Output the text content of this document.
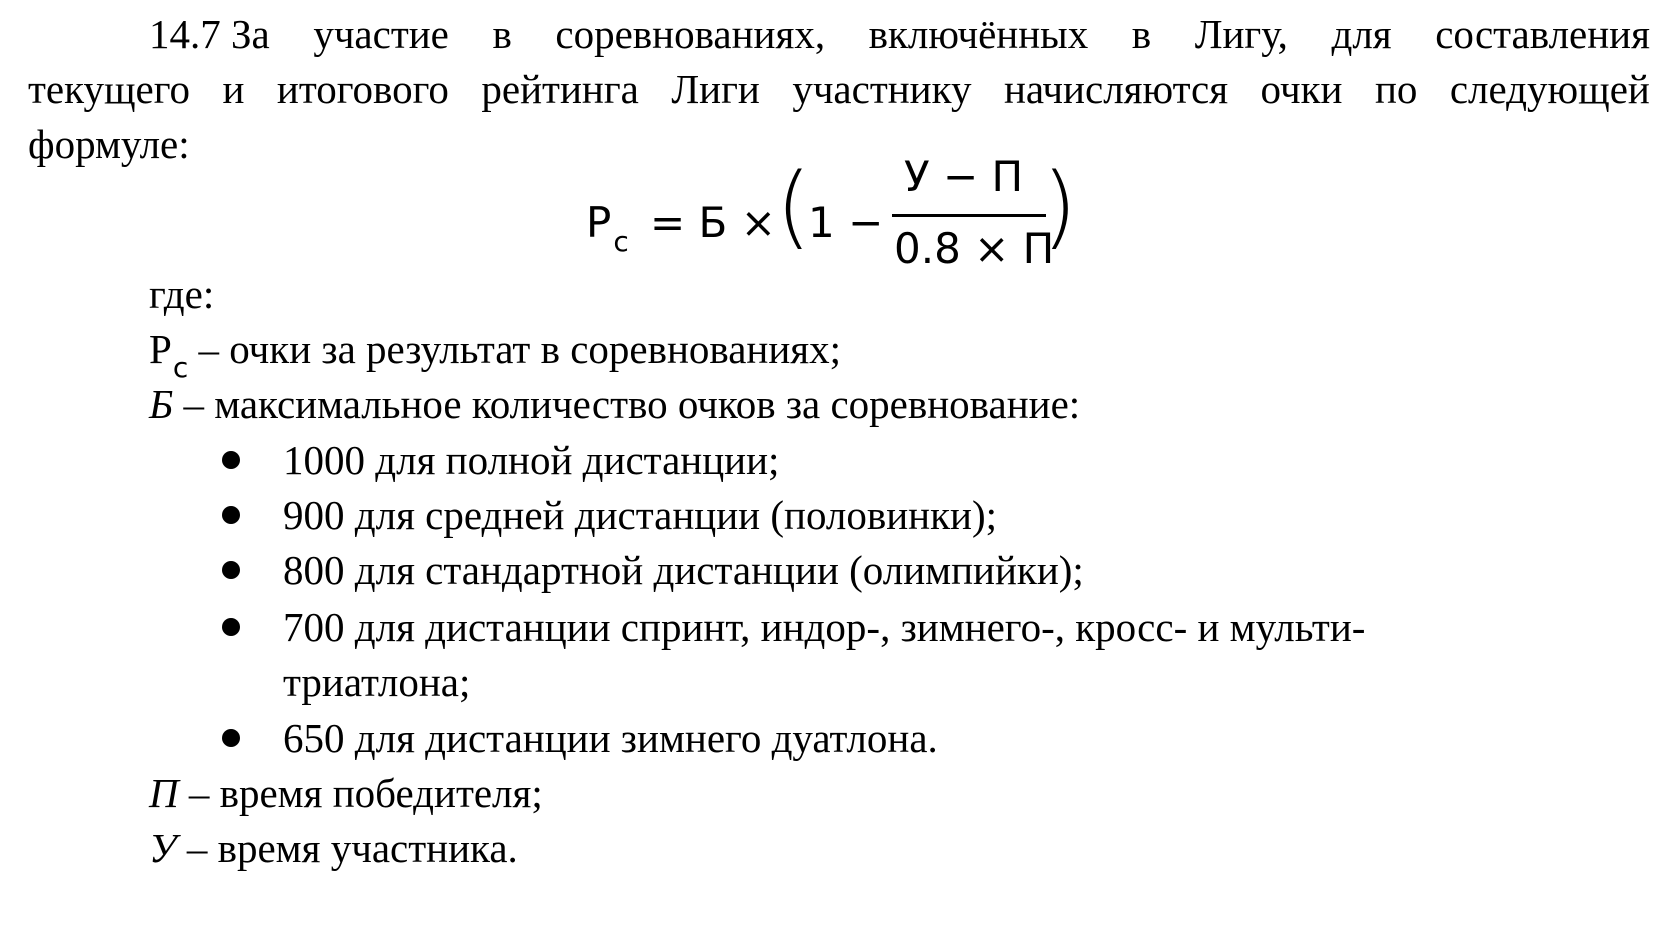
14.7 За участие в соревнованиях, включённых в Лигу, для составления
текущего и итогового рейтинга Лиги участнику начисляются очки по следующей
формуле:
$Р_с = Б$ × (
1 −
У − П
0.8 × П
)
где:
$Р_с$ – очки за результат в соревнованиях;
Б – максимальное количество очков за соревнование:
1000 для полной дистанции;
900 для средней дистанции (половинки);
800 для стандартной дистанции (олимпийки);
700 для дистанции спринт, индор-, зимнего-, кросс- и мульти-
триатлона;
650 для дистанции зимнего дуатлона.
П – время победителя;
У – время участника.
